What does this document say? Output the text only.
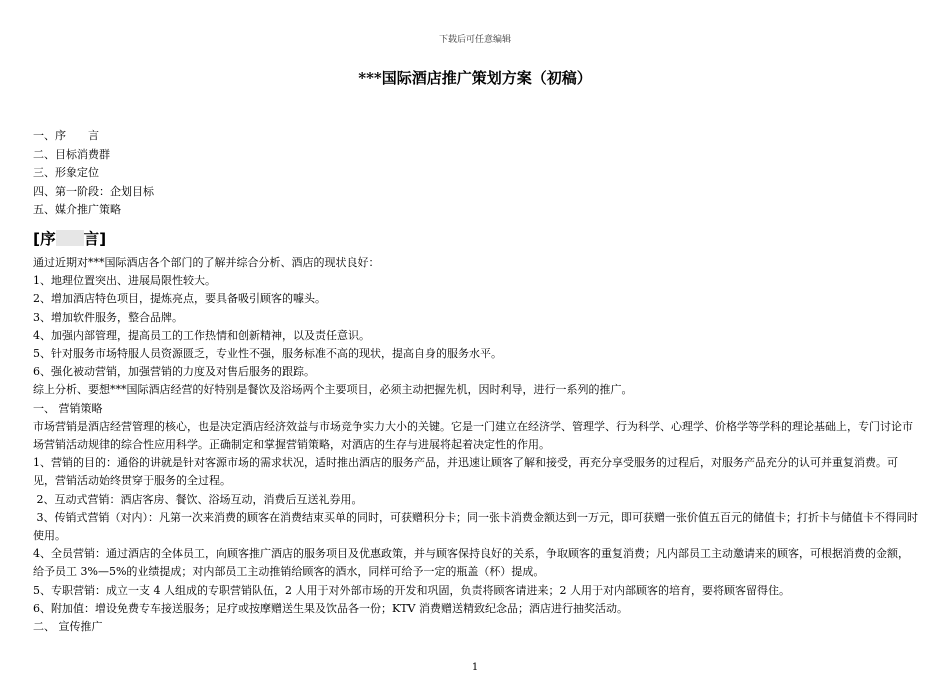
下载后可任意编辑
***国际酒店推广策划方案（初稿）
一、序　　言
二、目标消费群
三、形象定位
四、第一阶段：企划目标
五、媒介推广策略
[序 言]

通过近期对***国际酒店各个部门的了解并综合分析、酒店的现状良好：

1、地理位置突出、进展局限性较大。

2、增加酒店特色项目，提炼亮点，要具备吸引顾客的噱头。

3、增加软件服务，整合品牌。

4、加强内部管理，提高员工的工作热情和创新精神，以及责任意识。

5、针对服务市场特服人员资源匮乏，专业性不强，服务标准不高的现状，提高自身的服务水平。

6、强化被动营销，加强营销的力度及对售后服务的跟踪。

综上分析、要想***国际酒店经营的好特别是餐饮及浴场两个主要项目，必须主动把握先机，因时利导，进行一系列的推广。

一、 营销策略

市场营销是酒店经营管理的核心，也是决定酒店经济效益与市场竞争实力大小的关键。它是一门建立在经济学、管理学、行为科学、心理学、价格学等学科的理论基础上，专门讨论市场营销活动规律的综合性应用科学。正确制定和掌握营销策略，对酒店的生存与进展将起着决定性的作用。

1、营销的目的：通俗的讲就是针对客源市场的需求状况，适时推出酒店的服务产品，并迅速让顾客了解和接受，再充分享受服务的过程后，对服务产品充分的认可并重复消费。可见，营销活动始终贯穿于服务的全过程。

2、互动式营销：酒店客房、餐饮、浴场互动，消费后互送礼券用。

3、传销式营销（对内）：凡第一次来消费的顾客在消费结束买单的同时，可获赠积分卡；同一张卡消费金额达到一万元，即可获赠一张价值五百元的储值卡；打折卡与储值卡不得同时使用。

4、全员营销：通过酒店的全体员工，向顾客推广酒店的服务项目及优惠政策，并与顾客保持良好的关系，争取顾客的重复消费；凡内部员工主动邀请来的顾客，可根据消费的金额，给予员工 3%—5%的业绩提成；对内部员工主动推销给顾客的酒水，同样可给予一定的瓶盖（杯）提成。

5、专职营销：成立一支 4 人组成的专职营销队伍，2 人用于对外部市场的开发和巩固，负责将顾客请进来；2 人用于对内部顾客的培育，要将顾客留得住。

6、附加值：增设免费专车接送服务；足疗或按摩赠送生果及饮品各一份；KTV 消费赠送精致纪念品；酒店进行抽奖活动。

二、 宣传推广

1
